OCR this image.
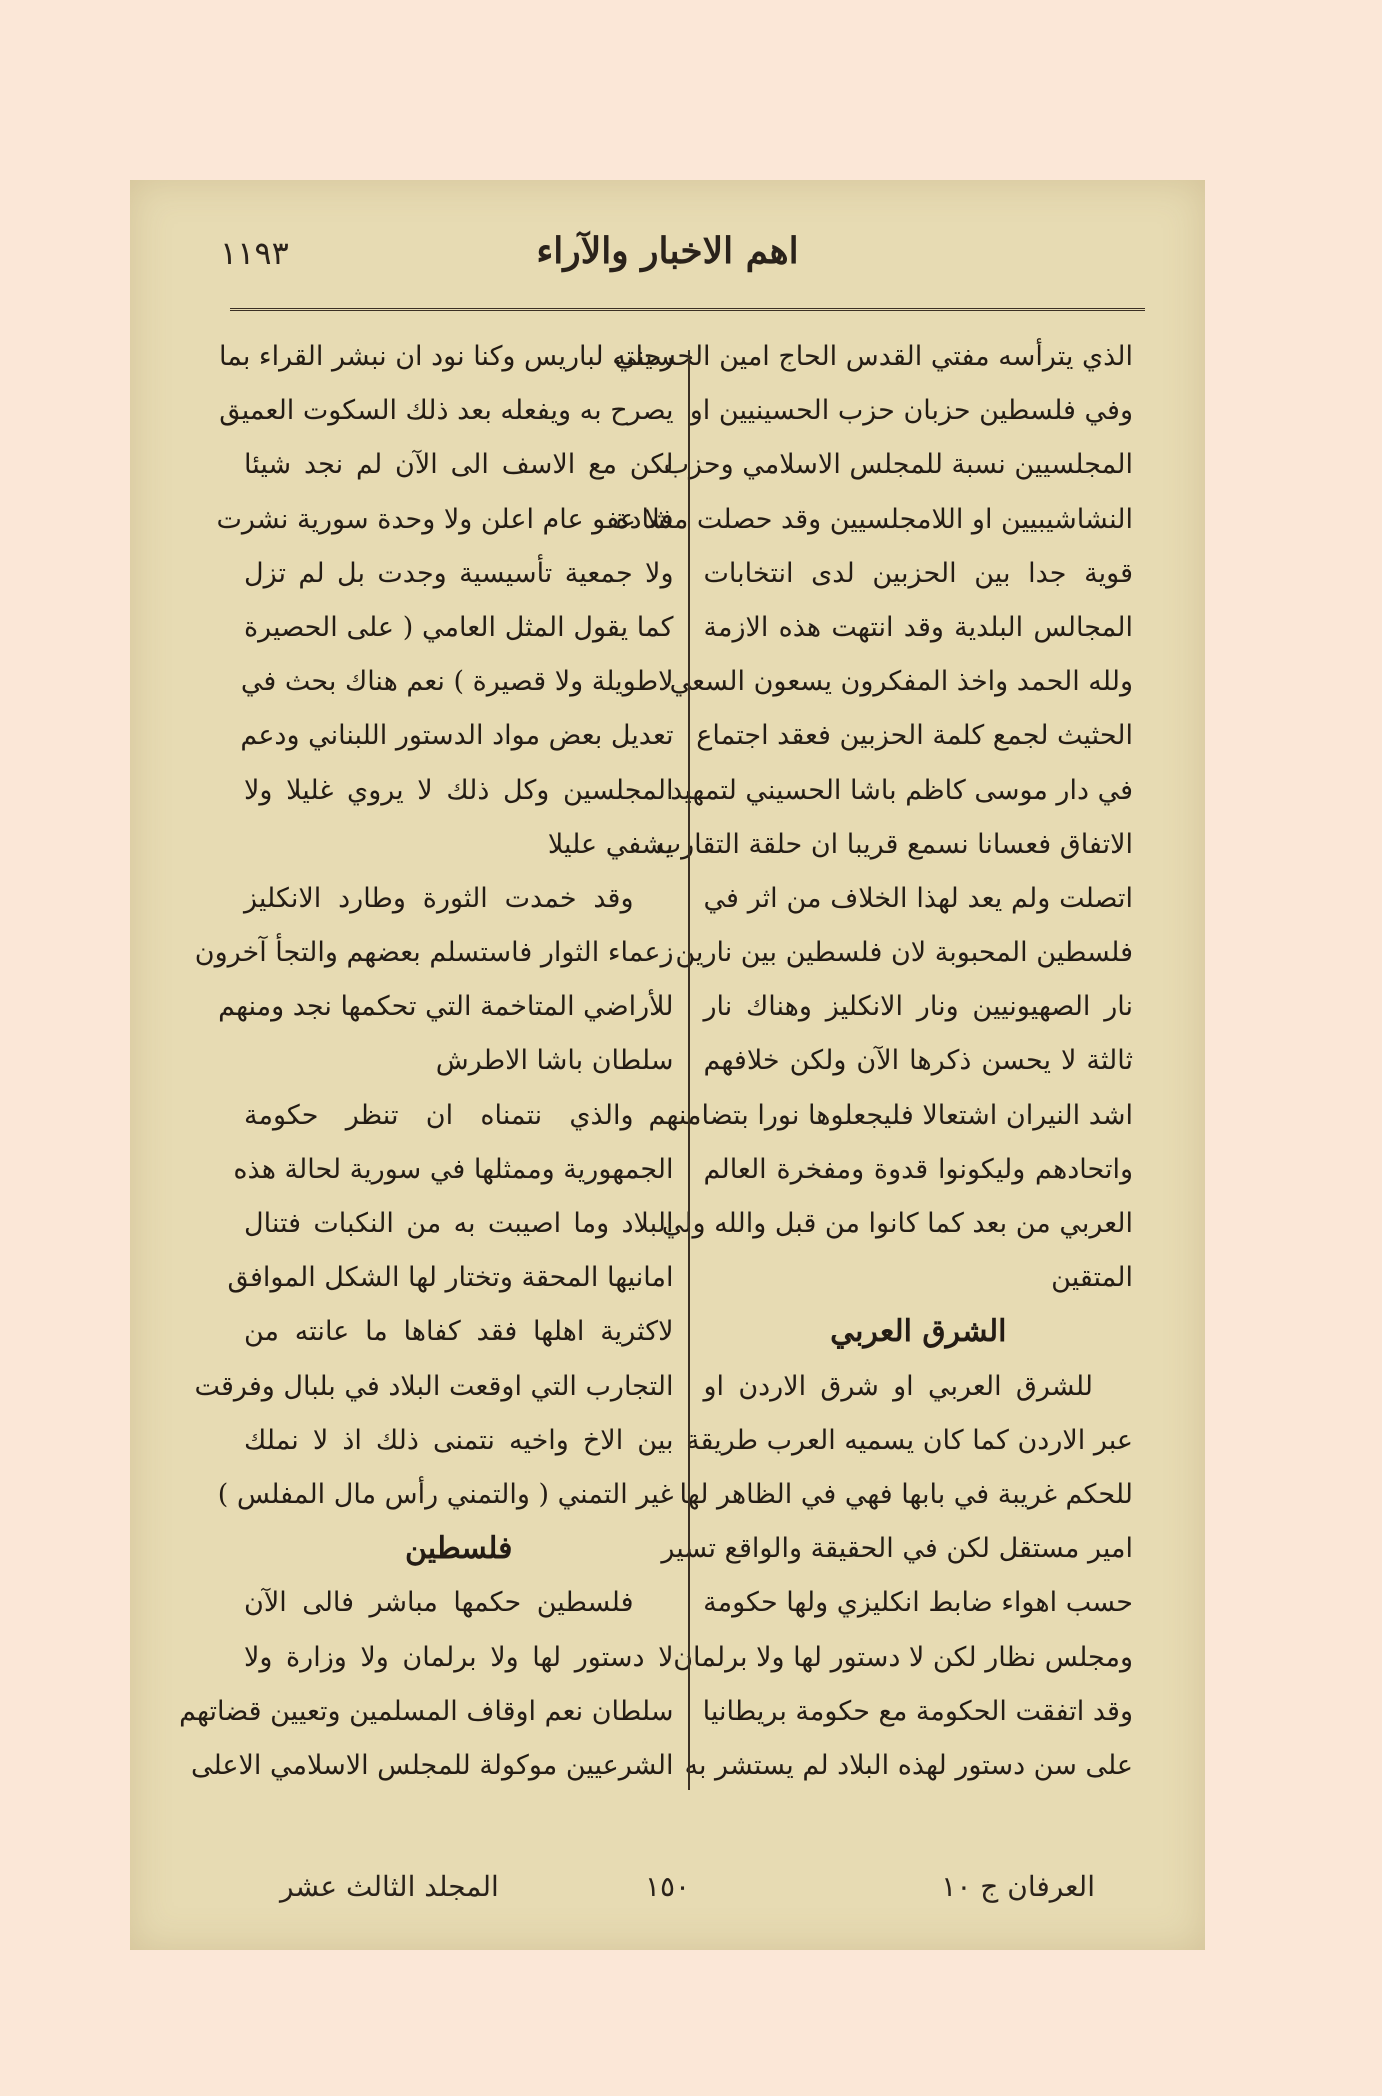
اهم الاخبار والآراء
١١٩٣
رحلته لباريس وكنا نود ان نبشر القراء بما
يصرح به ويفعله بعد ذلك السكوت العميق
لكن مع الاسف الى الآن لم نجد شيئا
فلا عفو عام اعلن ولا وحدة سورية نشرت
ولا جمعية تأسيسية وجدت بل لم تزل
كما يقول المثل العامي ( على الحصيرة
لاطويلة ولا قصيرة ) نعم هناك بحث في
تعديل بعض مواد الدستور اللبناني ودعم
المجلسين وكل ذلك لا يروي غليلا ولا
يشفي عليلا
وقد خمدت الثورة وطارد الانكليز
زعماء الثوار فاستسلم بعضهم والتجأ آخرون
للأراضي المتاخمة التي تحكمها نجد ومنهم
سلطان باشا الاطرش
والذي نتمناه ان تنظر حكومة
الجمهورية وممثلها في سورية لحالة هذه
البلاد وما اصيبت به من النكبات فتنال
امانيها المحقة وتختار لها الشكل الموافق
لاكثرية اهلها فقد كفاها ما عانته من
التجارب التي اوقعت البلاد في بلبال وفرقت
بين الاخ واخيه نتمنى ذلك اذ لا نملك
غير التمني ( والتمني رأس مال المفلس )
فلسطين
فلسطين حكمها مباشر فالى الآن
لا دستور لها ولا برلمان ولا وزارة ولا
سلطان نعم اوقاف المسلمين وتعيين قضاتهم
الشرعيين موكولة للمجلس الاسلامي الاعلى
الذي يترأسه مفتي القدس الحاج امين الحسيني
وفي فلسطين حزبان حزب الحسينيين او
المجلسيين نسبة للمجلس الاسلامي وحزب
النشاشيبيين او اللامجلسيين وقد حصلت مشادة
قوية جدا بين الحزبين لدى انتخابات
المجالس البلدية وقد انتهت هذه الازمة
ولله الحمد واخذ المفكرون يسعون السعي
الحثيث لجمع كلمة الحزبين فعقد اجتماع
في دار موسى كاظم باشا الحسيني لتمهيد
الاتفاق فعسانا نسمع قريبا ان حلقة التقارب
اتصلت ولم يعد لهذا الخلاف من اثر في
فلسطين المحبوبة لان فلسطين بين نارين
نار الصهيونيين ونار الانكليز وهناك نار
ثالثة لا يحسن ذكرها الآن ولكن خلافهم
اشد النيران اشتعالا فليجعلوها نورا بتضامنهم
واتحادهم وليكونوا قدوة ومفخرة العالم
العربي من بعد كما كانوا من قبل والله ولي
المتقين
الشرق العربي
للشرق العربي او شرق الاردن او
عبر الاردن كما كان يسميه العرب طريقة
للحكم غريبة في بابها فهي في الظاهر لها
امير مستقل لكن في الحقيقة والواقع تسير
حسب اهواء ضابط انكليزي ولها حكومة
ومجلس نظار لكن لا دستور لها ولا برلمان
وقد اتفقت الحكومة مع حكومة بريطانيا
على سن دستور لهذه البلاد لم يستشر به
العرفان ج ١٠
١٥٠
المجلد الثالث عشر
